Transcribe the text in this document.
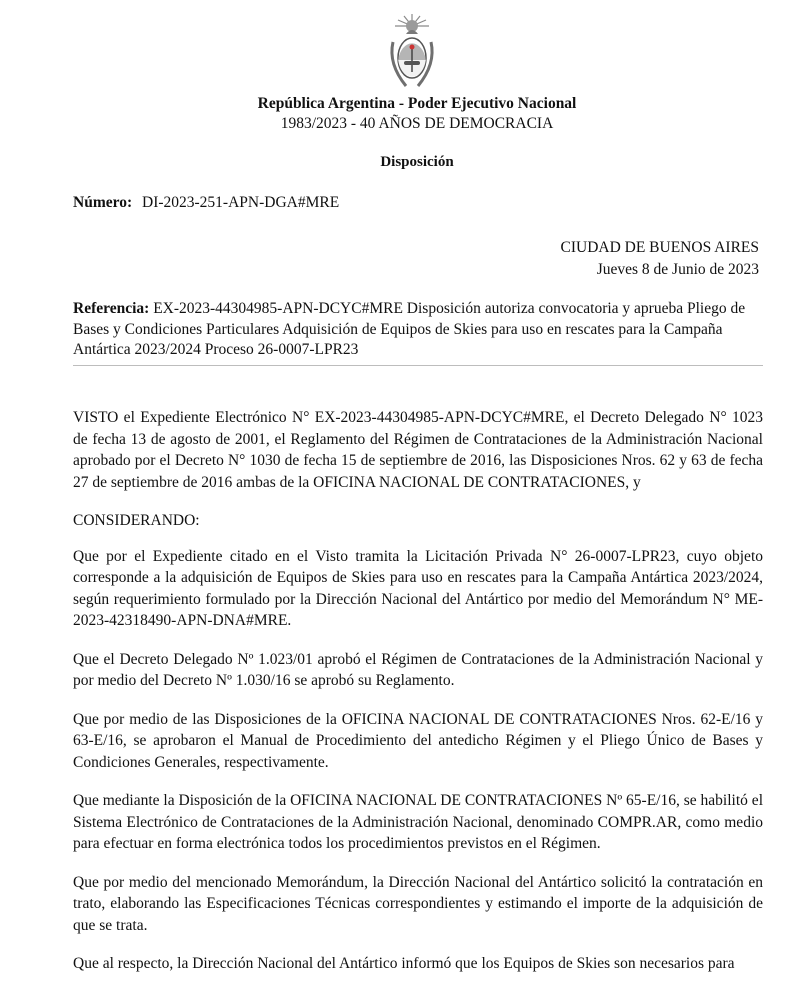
República Argentina - Poder Ejecutivo Nacional
1983/2023 - 40 AÑOS DE DEMOCRACIA
Disposición
Número: DI-2023-251-APN-DGA#MRE
CIUDAD DE BUENOS AIRES
Jueves 8 de Junio de 2023
Referencia: EX-2023-44304985-APN-DCYC#MRE Disposición autoriza convocatoria y aprueba Pliego de Bases y Condiciones Particulares Adquisición de Equipos de Skies para uso en rescates para la Campaña Antártica 2023/2024 Proceso 26-0007-LPR23

VISTO el Expediente Electrónico N° EX-2023-44304985-APN-DCYC#MRE, el Decreto Delegado N° 1023 de fecha 13 de agosto de 2001, el Reglamento del Régimen de Contrataciones de la Administración Nacional aprobado por el Decreto N° 1030 de fecha 15 de septiembre de 2016, las Disposiciones Nros. 62 y 63 de fecha 27 de septiembre de 2016 ambas de la OFICINA NACIONAL DE CONTRATACIONES, y

CONSIDERANDO:

Que por el Expediente citado en el Visto tramita la Licitación Privada N° 26-0007-LPR23, cuyo objeto corresponde a la adquisición de Equipos de Skies para uso en rescates para la Campaña Antártica 2023/2024, según requerimiento formulado por la Dirección Nacional del Antártico por medio del Memorándum N° ME-2023-42318490-APN-DNA#MRE.

Que el Decreto Delegado Nº 1.023/01 aprobó el Régimen de Contrataciones de la Administración Nacional y por medio del Decreto Nº 1.030/16 se aprobó su Reglamento.

Que por medio de las Disposiciones de la OFICINA NACIONAL DE CONTRATACIONES Nros. 62-E/16 y 63-E/16, se aprobaron el Manual de Procedimiento del antedicho Régimen y el Pliego Único de Bases y Condiciones Generales, respectivamente.

Que mediante la Disposición de la OFICINA NACIONAL DE CONTRATACIONES Nº 65-E/16, se habilitó el Sistema Electrónico de Contrataciones de la Administración Nacional, denominado COMPR.AR, como medio para efectuar en forma electrónica todos los procedimientos previstos en el Régimen.

Que por medio del mencionado Memorándum, la Dirección Nacional del Antártico solicitó la contratación en trato, elaborando las Especificaciones Técnicas correspondientes y estimando el importe de la adquisición de que se trata.

Que al respecto, la Dirección Nacional del Antártico informó que los Equipos de Skies son necesarios para
